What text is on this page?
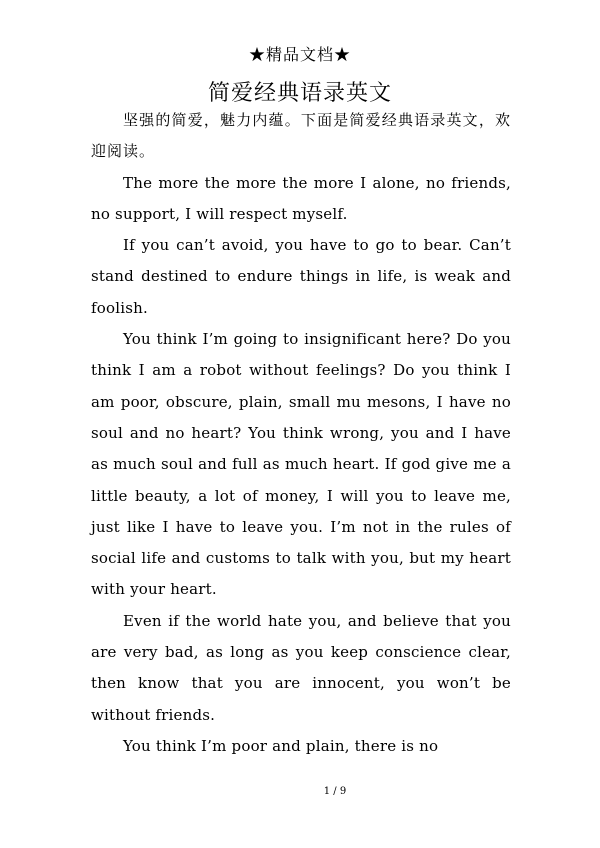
★精品文档★
简爱经典语录英文

坚强的简爱，魅力内蕴。下面是简爱经典语录英文，欢迎阅读。

The more the more the more I alone, no friends, no support, I will respect myself.

If you can’t avoid, you have to go to bear. Can’t stand destined to endure things in life, is weak and foolish.

You think I’m going to insignificant here? Do you think I am a robot without feelings? Do you think I am poor, obscure, plain, small mu mesons, I have no soul and no heart? You think wrong, you and I have as much soul and full as much heart. If god give me a little beauty, a lot of money, I will you to leave me, just like I have to leave you. I’m not in the rules of social life and customs to talk with you, but my heart with your heart.

Even if the world hate you, and believe that you are very bad, as long as you keep conscience clear, then know that you are innocent, you won’t be without friends.

You think I’m poor and plain, there is no

1 / 9
